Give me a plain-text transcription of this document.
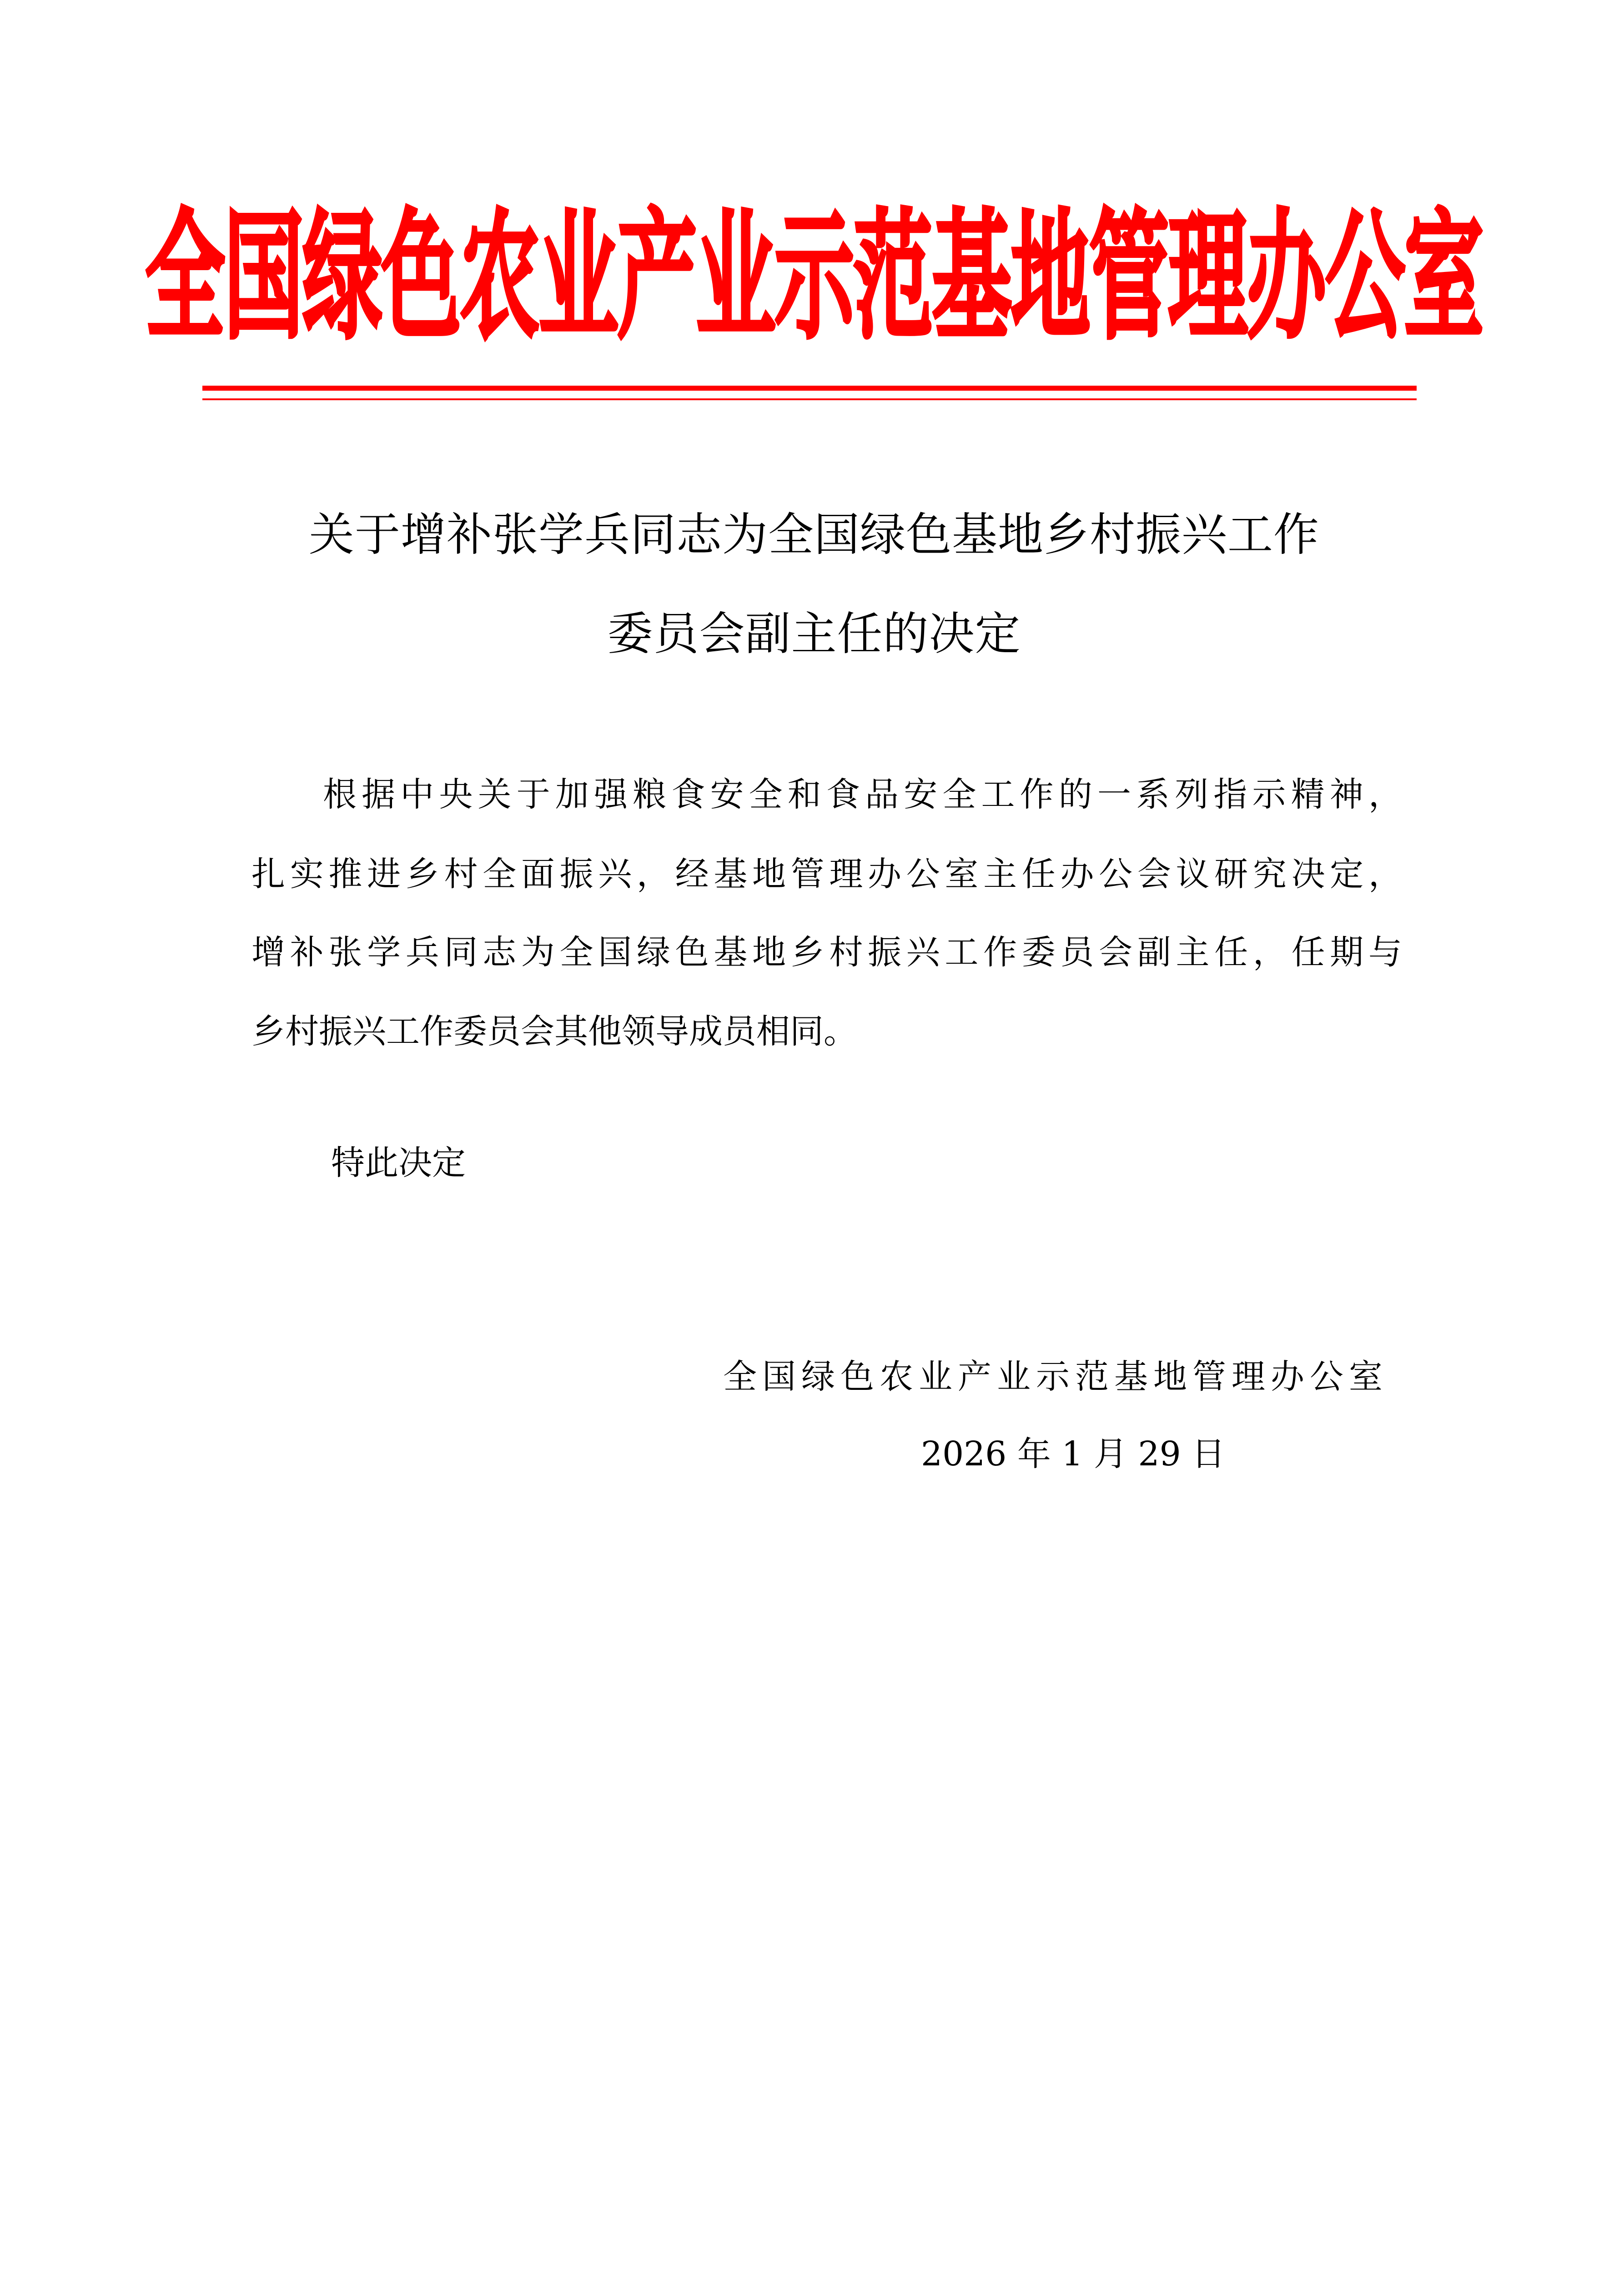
全国绿色农业产业示范基地管理办公室
关于增补张学兵同志为全国绿色基地乡村振兴工作
委员会副主任的决定
根据中央关于加强粮食安全和食品安全工作的一系列指示精神，
扎实推进乡村全面振兴，经基地管理办公室主任办公会议研究决定，
增补张学兵同志为全国绿色基地乡村振兴工作委员会副主任，任期与
乡村振兴工作委员会其他领导成员相同。
特此决定
全国绿色农业产业示范基地管理办公室
2026 年 1 月 29 日
